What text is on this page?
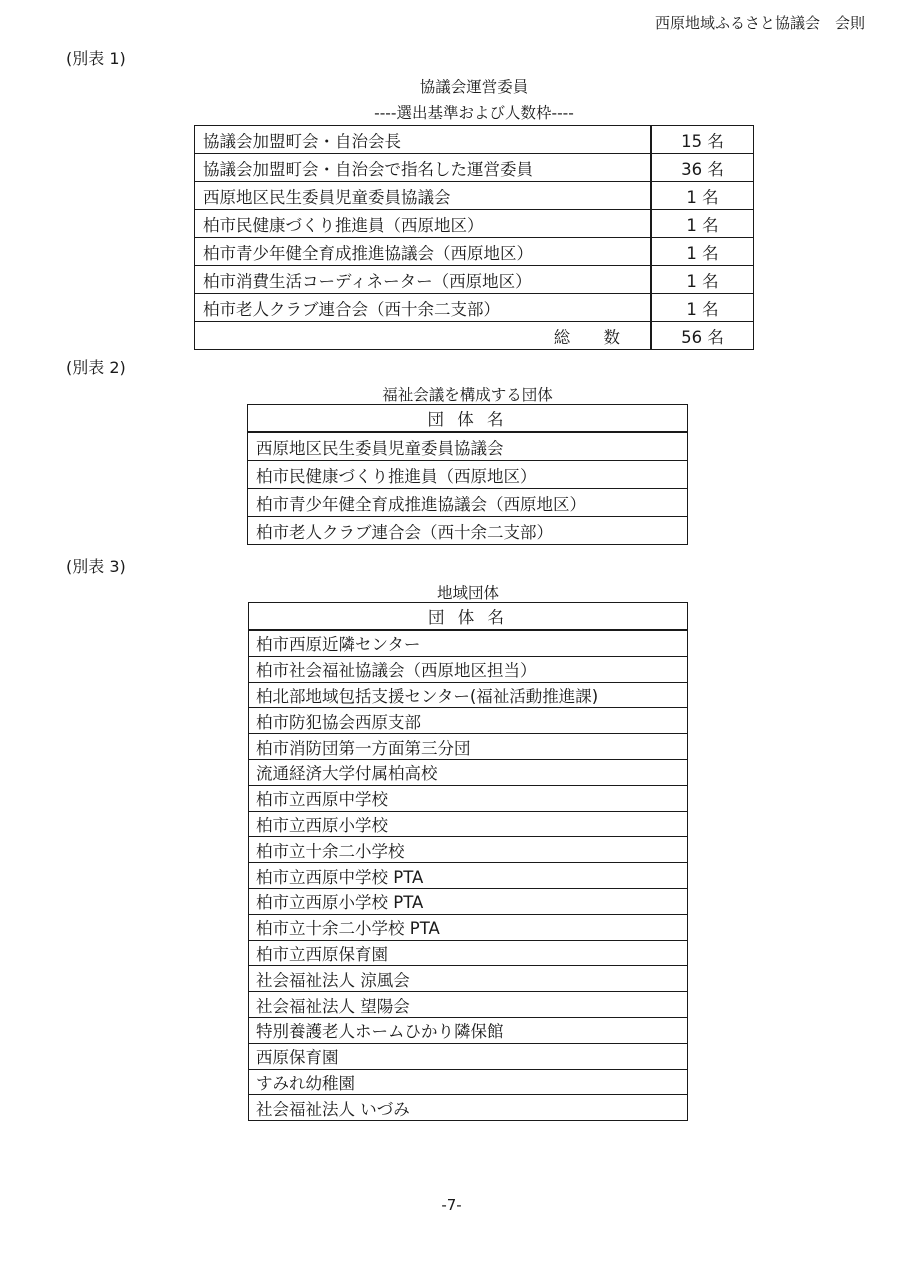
西原地域ふるさと協議会　会則
(別表 1)
協議会運営委員
----選出基準および人数枠----
協議会加盟町会・自治会長	15 名
協議会加盟町会・自治会で指名した運営委員	36 名
西原地区民生委員児童委員協議会	1 名
柏市民健康づくり推進員（西原地区）	1 名
柏市青少年健全育成推進協議会（西原地区）	1 名
柏市消費生活コーディネーター（西原地区）	1 名
柏市老人クラブ連合会（西十余二支部）	1 名
総 数	56 名
(別表 2)
福祉会議を構成する団体
団 体 名
西原地区民生委員児童委員協議会
柏市民健康づくり推進員（西原地区）
柏市青少年健全育成推進協議会（西原地区）
柏市老人クラブ連合会（西十余二支部）
(別表 3)
地域団体
団 体 名
柏市西原近隣センター
柏市社会福祉協議会（西原地区担当）
柏北部地域包括支援センター(福祉活動推進課)
柏市防犯協会西原支部
柏市消防団第一方面第三分団
流通経済大学付属柏高校
柏市立西原中学校
柏市立西原小学校
柏市立十余二小学校
柏市立西原中学校 PTA
柏市立西原小学校 PTA
柏市立十余二小学校 PTA
柏市立西原保育園
社会福祉法人 涼風会
社会福祉法人 望陽会
特別養護老人ホームひかり隣保館
西原保育園
すみれ幼稚園
社会福祉法人 いづみ
-7-
